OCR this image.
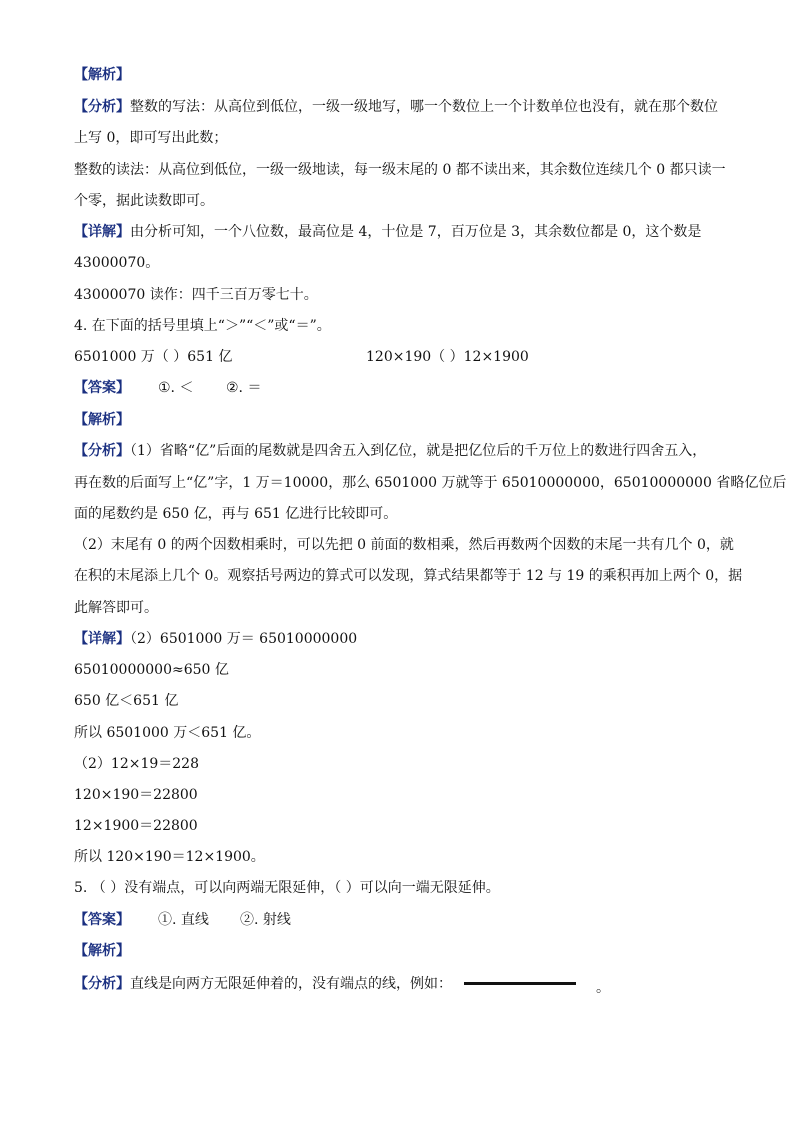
【解析】
【分析】整数的写法：从高位到低位，一级一级地写，哪一个数位上一个计数单位也没有，就在那个数位
上写 0，即可写出此数；
整数的读法：从高位到低位，一级一级地读，每一级末尾的 0 都不读出来，其余数位连续几个 0 都只读一
个零，据此读数即可。
【详解】由分析可知，一个八位数，最高位是 4，十位是 7，百万位是 3，其余数位都是 0，这个数是
43000070。
43000070 读作：四千三百万零七十。
4. 在下面的括号里填上“＞”“＜”或“＝”。
6501000 万（ ）651 亿	120×190（ ）12×1900
【答案】 ①. ＜ ②. ＝
【解析】
【分析】（1）省略“亿”后面的尾数就是四舍五入到亿位，就是把亿位后的千万位上的数进行四舍五入，
再在数的后面写上“亿”字，1 万＝10000，那么 6501000 万就等于 65010000000，65010000000 省略亿位后
面的尾数约是 650 亿，再与 651 亿进行比较即可。
（2）末尾有 0 的两个因数相乘时，可以先把 0 前面的数相乘，然后再数两个因数的末尾一共有几个 0，就
在积的末尾添上几个 0。观察括号两边的算式可以发现，算式结果都等于 12 与 19 的乘积再加上两个 0，据
此解答即可。
【详解】（2）6501000 万＝ 65010000000
65010000000≈650 亿
650 亿＜651 亿
所以 6501000 万＜651 亿。
（2）12×19＝228
120×190＝22800
12×1900＝22800
所以 120×190＝12×1900。
5. （ ）没有端点，可以向两端无限延伸，（ ）可以向一端无限延伸。
【答案】 ①. 直线 ②. 射线
【解析】
【分析】直线是向两方无限延伸着的，没有端点的线，例如：	。
